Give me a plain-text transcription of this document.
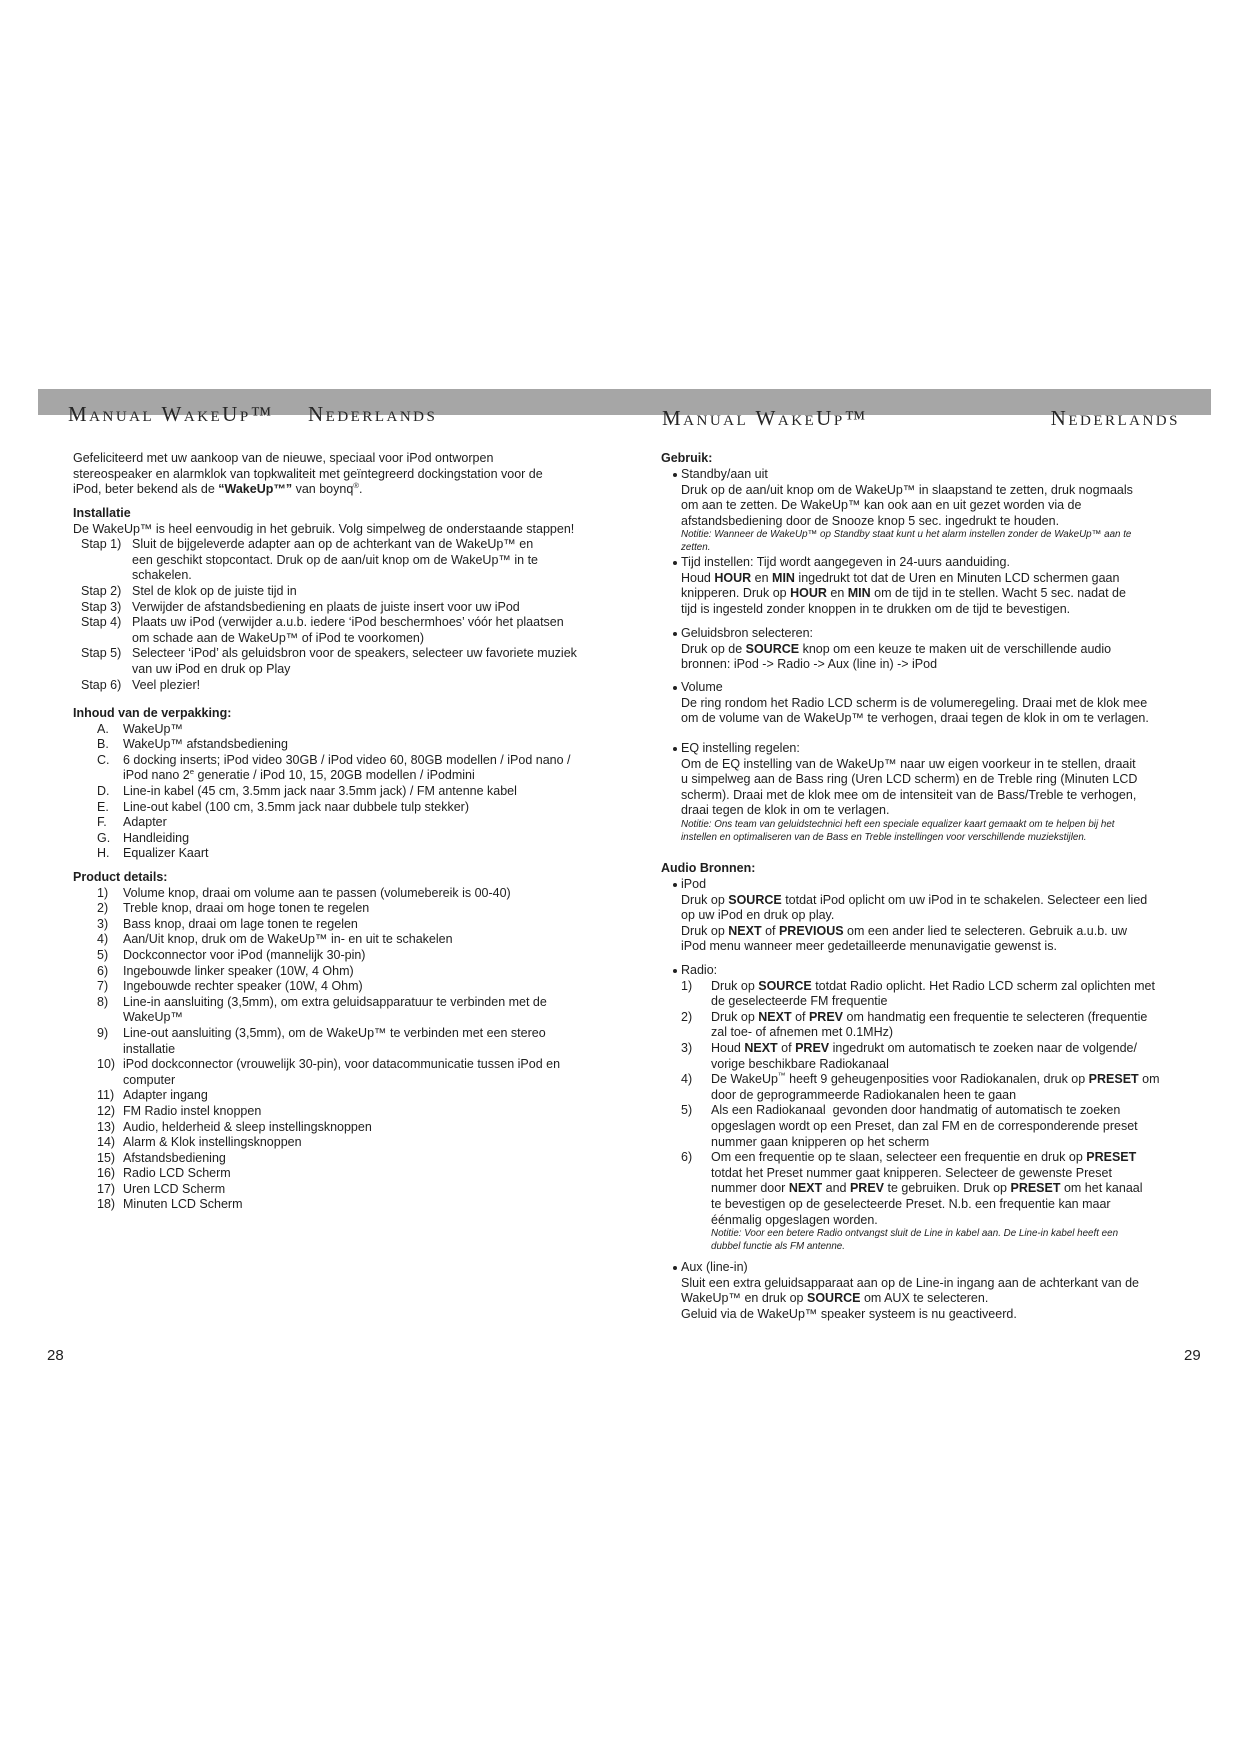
Manual WakeUp™ Nederlands	Manual WakeUp™	Nederlands
Gefeliciteerd met uw aankoop van de nieuwe, speciaal voor iPod ontworpen
stereospeaker en alarmklok van topkwaliteit met geïntegreerd dockingstation voor de
iPod, beter bekend als de “WakeUp™” van boynq®.
Installatie
De WakeUp™ is heel eenvoudig in het gebruik. Volg simpelweg de onderstaande stappen!
Stap 1) Sluit de bijgeleverde adapter aan op de achterkant van de WakeUp™ en
een geschikt stopcontact. Druk op de aan/uit knop om de WakeUp™ in te
schakelen.
Stap 2) Stel de klok op de juiste tijd in
Stap 3) Verwijder de afstandsbediening en plaats de juiste insert voor uw iPod
Stap 4) Plaats uw iPod (verwijder a.u.b. iedere ‘iPod beschermhoes’ vóór het plaatsen
om schade aan de WakeUp™ of iPod te voorkomen)
Stap 5) Selecteer ‘iPod’ als geluidsbron voor de speakers, selecteer uw favoriete muziek
van uw iPod en druk op Play
Stap 6) Veel plezier!
Inhoud van de verpakking:
A. WakeUp™
B. WakeUp™ afstandsbediening
C. 6 docking inserts; iPod video 30GB / iPod video 60, 80GB modellen / iPod nano /
iPod nano 2e generatie / iPod 10, 15, 20GB modellen / iPodmini
D. Line-in kabel (45 cm, 3.5mm jack naar 3.5mm jack) / FM antenne kabel
E. Line-out kabel (100 cm, 3.5mm jack naar dubbele tulp stekker)
F. Adapter
G. Handleiding
H. Equalizer Kaart
Product details:
1) Volume knop, draai om volume aan te passen (volumebereik is 00-40)
2) Treble knop, draai om hoge tonen te regelen
3) Bass knop, draai om lage tonen te regelen
4) Aan/Uit knop, druk om de WakeUp™ in- en uit te schakelen
5) Dockconnector voor iPod (mannelijk 30-pin)
6) Ingebouwde linker speaker (10W, 4 Ohm)
7) Ingebouwde rechter speaker (10W, 4 Ohm)
8) Line-in aansluiting (3,5mm), om extra geluidsapparatuur te verbinden met de
WakeUp™
9) Line-out aansluiting (3,5mm), om de WakeUp™ te verbinden met een stereo
installatie
10) iPod dockconnector (vrouwelijk 30-pin), voor datacommunicatie tussen iPod en
computer
11) Adapter ingang
12) FM Radio instel knoppen
13) Audio, helderheid & sleep instellingsknoppen
14) Alarm & Klok instellingsknoppen
15) Afstandsbediening
16) Radio LCD Scherm
17) Uren LCD Scherm
18) Minuten LCD Scherm
28
Gebruik:
Standby/aan uit
Druk op de aan/uit knop om de WakeUp™ in slaapstand te zetten, druk nogmaals
om aan te zetten. De WakeUp™ kan ook aan en uit gezet worden via de
afstandsbediening door de Snooze knop 5 sec. ingedrukt te houden.
Notitie: Wanneer de WakeUp™ op Standby staat kunt u het alarm instellen zonder de WakeUp™ aan te
zetten.
Tijd instellen: Tijd wordt aangegeven in 24-uurs aanduiding.
Houd HOUR en MIN ingedrukt tot dat de Uren en Minuten LCD schermen gaan
knipperen. Druk op HOUR en MIN om de tijd in te stellen. Wacht 5 sec. nadat de
tijd is ingesteld zonder knoppen in te drukken om de tijd te bevestigen.
Geluidsbron selecteren:
Druk op de SOURCE knop om een keuze te maken uit de verschillende audio
bronnen: iPod -> Radio -> Aux (line in) -> iPod
Volume
De ring rondom het Radio LCD scherm is de volumeregeling. Draai met de klok mee
om de volume van de WakeUp™ te verhogen, draai tegen de klok in om te verlagen.
EQ instelling regelen:
Om de EQ instelling van de WakeUp™ naar uw eigen voorkeur in te stellen, draait
u simpelweg aan de Bass ring (Uren LCD scherm) en de Treble ring (Minuten LCD
scherm). Draai met de klok mee om de intensiteit van de Bass/Treble te verhogen,
draai tegen de klok in om te verlagen.
Notitie: Ons team van geluidstechnici heft een speciale equalizer kaart gemaakt om te helpen bij het
instellen en optimaliseren van de Bass en Treble instellingen voor verschillende muziekstijlen.
Audio Bronnen:
iPod
Druk op SOURCE totdat iPod oplicht om uw iPod in te schakelen. Selecteer een lied
op uw iPod en druk op play.
Druk op NEXT of PREVIOUS om een ander lied te selecteren. Gebruik a.u.b. uw
iPod menu wanneer meer gedetailleerde menunavigatie gewenst is.
Radio:
1) Druk op SOURCE totdat Radio oplicht. Het Radio LCD scherm zal oplichten met
de geselecteerde FM frequentie
2) Druk op NEXT of PREV om handmatig een frequentie te selecteren (frequentie
zal toe- of afnemen met 0.1MHz)
3) Houd NEXT of PREV ingedrukt om automatisch te zoeken naar de volgende/
vorige beschikbare Radiokanaal
4) De WakeUp™ heeft 9 geheugenposities voor Radiokanalen, druk op PRESET om
door de geprogrammeerde Radiokanalen heen te gaan
5) Als een Radiokanaal  gevonden door handmatig of automatisch te zoeken
opgeslagen wordt op een Preset, dan zal FM en de corresponderende preset
nummer gaan knipperen op het scherm
6) Om een frequentie op te slaan, selecteer een frequentie en druk op PRESET
totdat het Preset nummer gaat knipperen. Selecteer de gewenste Preset
nummer door NEXT and PREV te gebruiken. Druk op PRESET om het kanaal
te bevestigen op de geselecteerde Preset. N.b. een frequentie kan maar
éénmalig opgeslagen worden.
Notitie: Voor een betere Radio ontvangst sluit de Line in kabel aan. De Line-in kabel heeft een
dubbel functie als FM antenne.
Aux (line-in)
Sluit een extra geluidsapparaat aan op de Line-in ingang aan de achterkant van de
WakeUp™ en druk op SOURCE om AUX te selecteren.
Geluid via de WakeUp™ speaker systeem is nu geactiveerd.
29
